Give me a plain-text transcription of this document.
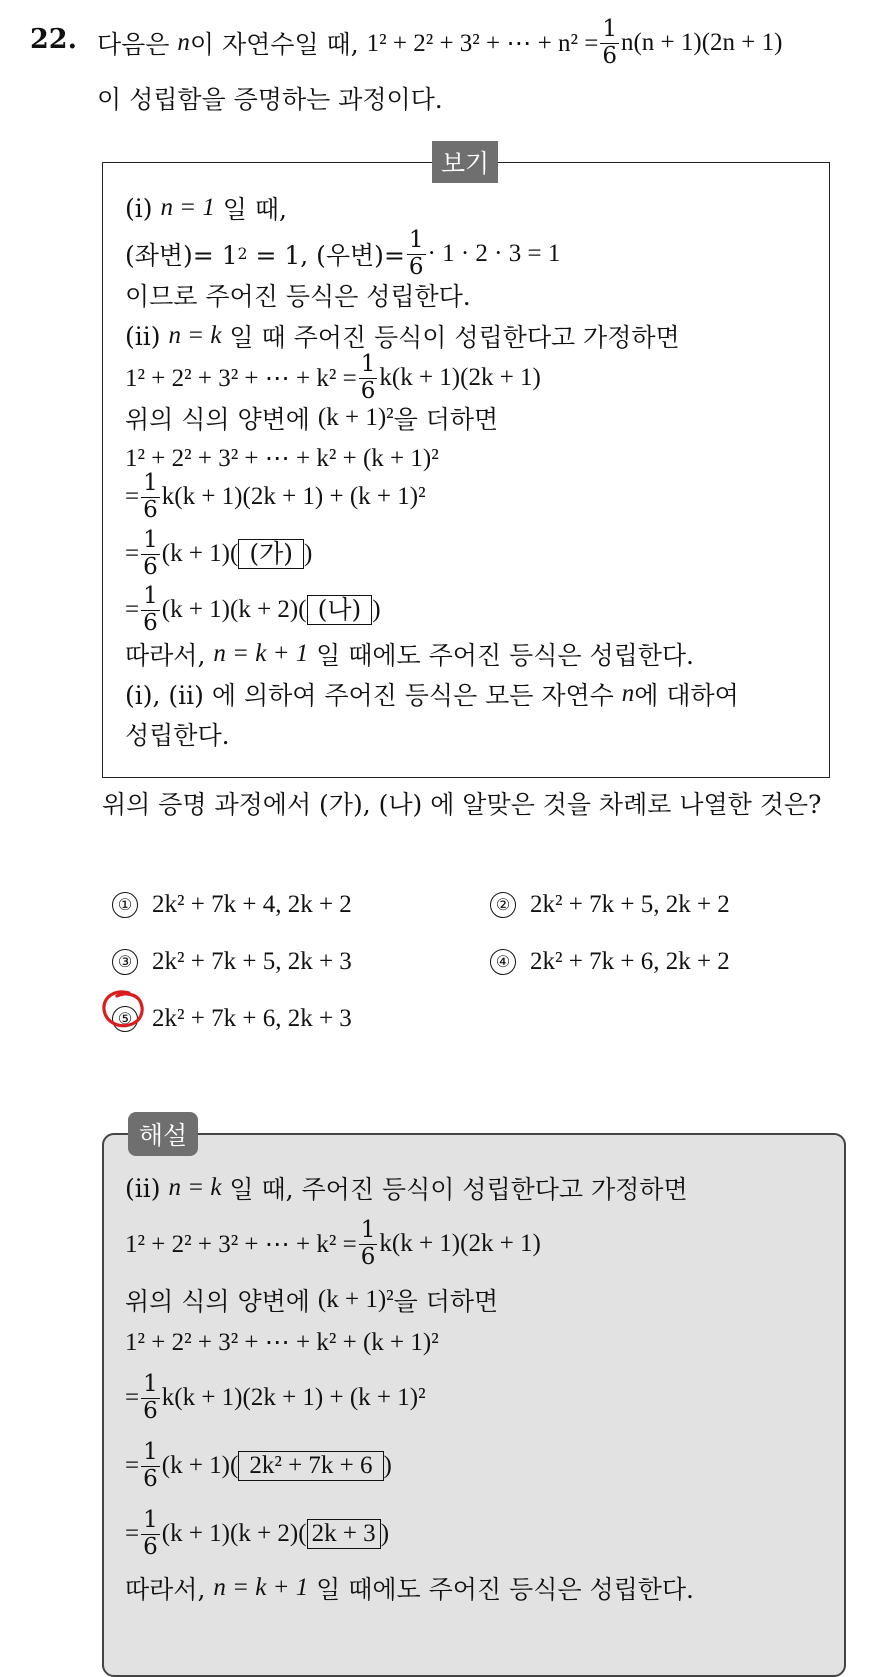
22. 다음은
n 이 자연수일 때,
1² + 2² + 3² + ⋯ + $n^2 = \frac{1}{6} n(n + 1)(2n + 1)$
이 성립함을 증명하는 과정이다.
보기
(i)
n = 1
일 때,
(좌변)= 1 2
= 1, (우변)= $\frac{1}{6} \cdot 1 \cdot 2 \cdot 3 = 1$
이므로 주어진 등식은 성립한다.
(ii)
n = k
일 때 주어진 등식이 성립한다고 가정하면
1² + 2² + 3² + ⋯ + $k^2 = \frac{1}{6} k(k + 1)(2k + 1)$
위의 식의 양변에
(k + 1)² 을 더하면
1² + 2² + 3² + ⋯ + k² + (k + 1)²
= $\frac{1}{6} k(k + 1)(2k + 1) + (k + 1)^2$
= $\frac{1}{6} (k + 1)$( (가) )
= $\frac{1}{6} (k + 1)(k + 2)$( (나) )
따라서,
n = k + 1
일 때에도 주어진 등식은 성립한다.
(i), (ii) 에 의하여 주어진 등식은 모든 자연수
n 에 대하여
성립한다.
위의 증명 과정에서 (가), (나) 에 알맞은 것을 차례로 나열한 것은?
① 2k² + 7k + 4, 2k + 2	② 2k² + 7k + 5, 2k + 2
③ 2k² + 7k + 5, 2k + 3	④ 2k² + 7k + 6, 2k + 2
⑤ 2k² + 7k + 6, 2k + 3
해설
(ii)
n = k
일 때, 주어진 등식이 성립한다고 가정하면
1² + 2² + 3² + ⋯ + $k^2 = \frac{1}{6} k(k + 1)(2k + 1)$
위의 식의 양변에
(k + 1)² 을 더하면
1² + 2² + 3² + ⋯ + k² + (k + 1)²
= $\frac{1}{6} k(k + 1)(2k + 1) + (k + 1)^2$
= $\frac{1}{6} (k + 1)$( 2k² + 7k + 6 )
= $\frac{1}{6} (k + 1)(k + 2)$( 2k + 3 )
따라서,
n = k + 1
일 때에도 주어진 등식은 성립한다.
